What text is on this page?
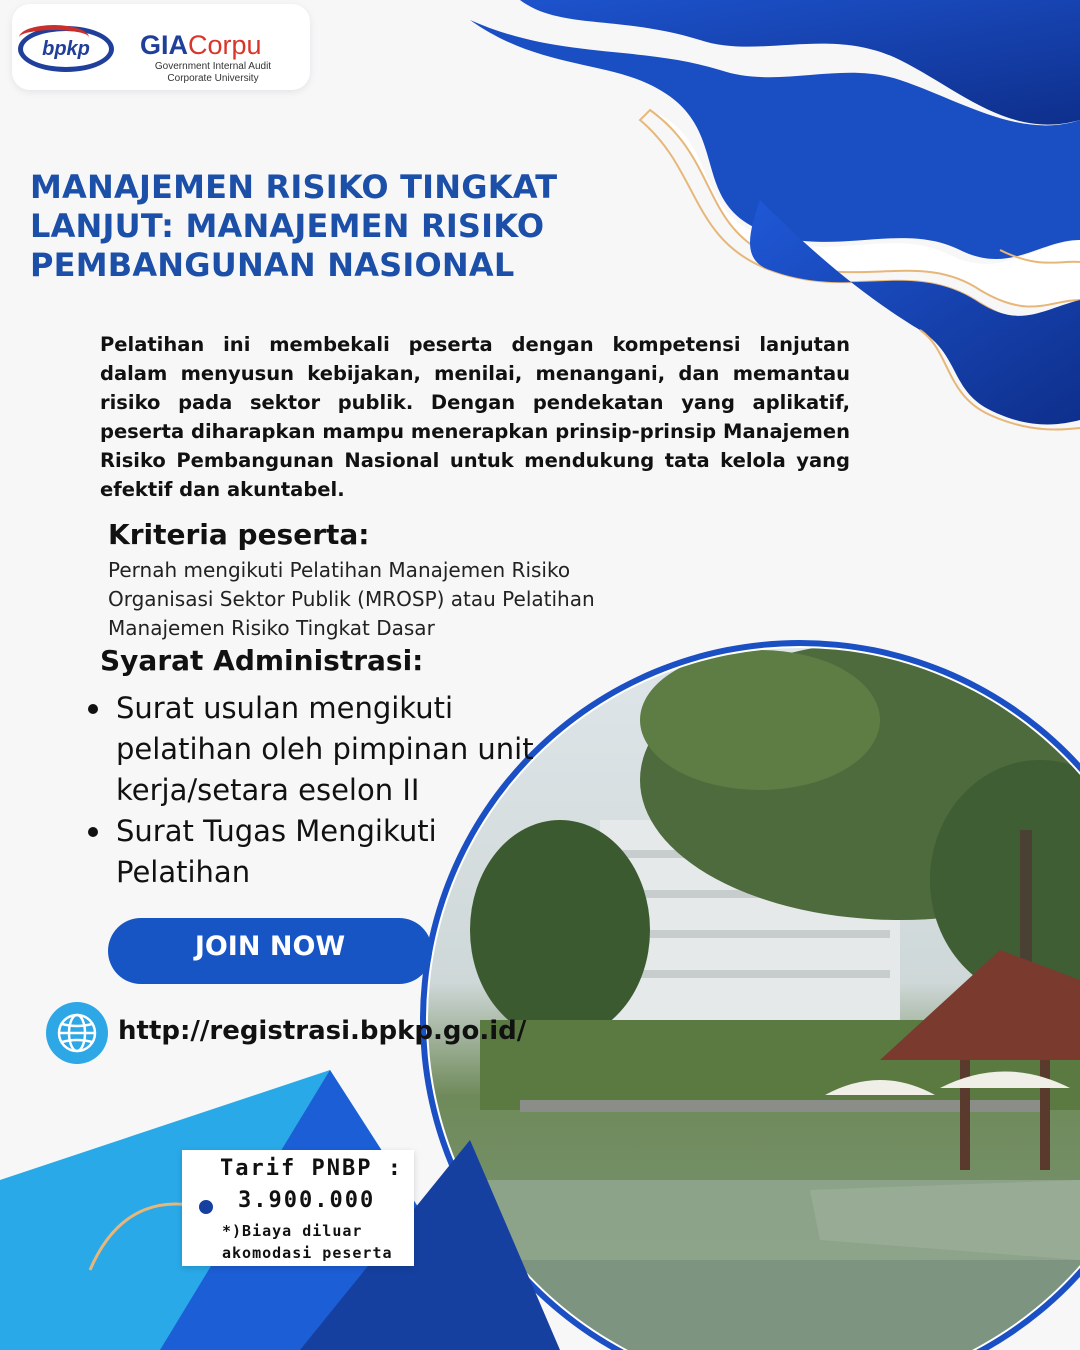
bpkp GIACorpu
Government Internal Audit
Corporate University
MANAJEMEN RISIKO TINGKAT
LANJUT: MANAJEMEN RISIKO
PEMBANGUNAN NASIONAL
Pelatihan ini membekali peserta dengan kompetensi lanjutan dalam menyusun kebijakan, menilai, menangani, dan memantau risiko pada sektor publik. Dengan pendekatan yang aplikatif, peserta diharapkan mampu menerapkan prinsip-prinsip Manajemen Risiko Pembangunan Nasional untuk mendukung tata kelola yang efektif dan akuntabel.
Kriteria peserta:
Pernah mengikuti Pelatihan Manajemen Risiko
Organisasi Sektor Publik (MROSP) atau Pelatihan
Manajemen Risiko Tingkat Dasar
Syarat Administrasi:
Surat usulan mengikuti
pelatihan oleh pimpinan unit
kerja/setara eselon II
Surat Tugas Mengikuti
Pelatihan
JOIN NOW
http://registrasi.bpkp.go.id/
Tarif PNBP :
3.900.000
*)Biaya diluar
akomodasi peserta
